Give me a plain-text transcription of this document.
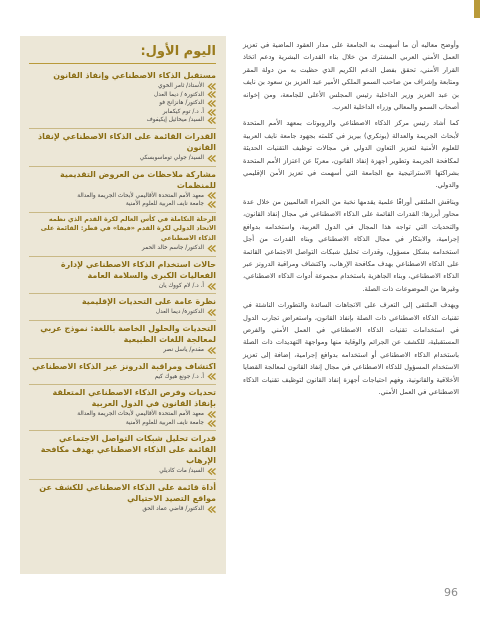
اليوم الأول:
مستقبل الذكاء الاصطناعي وإنفاذ القانون
الأستاذ/ ثامر الخوي
الدكتورة / ديما العدل
الدكتور/ هانزانج فو
أ. د./ توم كيكمابر
السيد/ ميخائيل إيكيفوف
القدرات القائمة على الذكاء الاصطناعي لإنفاذ القانون
السيد/ جولي توماسوبسكي
مشاركة ملاحظات من العروض التقديمية للمنظمات
معهد الأمم المتحدة الأقاليمي لأبحاث الجريمة والعدالة
جامعة نايف العربية للعلوم الأمنية
الرحلة التكاملة في كأس العالم لكرة القدم الذي نظمه الاتحاد الدولي لكرة القدم «فيفا» في قطر: القائمة على الذكاء الاصطناعي
الدكتور/ جاسم خالد الحمر
حالات استخدام الذكاء الاصطناعي لإدارة الفعاليات الكبرى والسلامة العامة
أ. د./ لام كووك يان
نظرة عامة على التحديات الإقليمية
الدكتورة/ ديما العدل
التحديات والحلول الخاصة باللغة: نموذج عربي لمعالجة اللغات الطبيعية
مقدم/ ياسل نصر
اكتشاف ومراقبة الدرونز عبر الذكاء الاصطناعي
أ. د./ جونغ هيوك كيم
تحديات وفرص الذكاء الاصطناعي المتعلقة بإنفاذ القانون في الدول العربية
معهد الأمم المتحدة الأقاليمي لأبحاث الجريمة والعدالة
جامعة نايف العربية للعلوم الأمنية
قدرات تحليل شبكات التواصل الاجتماعي القائمة على الذكاء الاصطناعي بهدف مكافحة الإرهاب
السيد/ مات كاديلي
أداة قائمة على الذكاء الاصطناعي للكشف عن مواقع التصيد الاحتيالي
الدكتور/ قاضي عماد الحق

وأوضح معاليه أن ما أسهمت به الجامعة على مدار العقود الماضية في تعزيز العمل الأمني العربي المشترك من خلال بناء القدرات البشرية ودعم اتخاذ القرار الأمني، تحقق بفضل الدعم الكريم الذي حظيت به من دولة المقر ومتابعة وإشراف من صاحب السمو الملكي الأمير عبد العزيز بن سعود بن نايف بن عبد العزيز وزير الداخلية رئيس المجلس الأعلى للجامعة، ومن إخوانه أصحاب السمو والمعالي وزراء الداخلية العرب.

كما أشاد رئيس مركز الذكاء الاصطناعي والروبوتات بمعهد الأمم المتحدة لأبحاث الجريمة والعدالة (يونكري) بيريز في كلمته بجهود جامعة نايف العربية للعلوم الأمنية لتعزيز التعاون الدولي في مجالات توظيف التقنيات الحديثة لمكافحة الجريمة وتطوير أجهزة إنفاذ القانون، معربًا عن اعتزاز الأمم المتحدة بشراكتها الاستراتيجية مع الجامعة التي أسهمت في تعزيز الأمن الإقليمي والدولي.

ويناقش الملتقى أوراقًا علمية يقدمها نخبة من الخبراء العالميين من خلال عدة محاور أبرزها: القدرات القائمة على الذكاء الاصطناعي في مجال إنفاذ القانون، والتحديات التي تواجه هذا المجال في الدول العربية، واستخدامه بدوافع إجرامية، والابتكار في مجال الذكاء الاصطناعي وبناء القدرات من أجل استخدامه بشكل مسؤول، وقدرات تحليل شبكات التواصل الاجتماعي القائمة على الذكاء الاصطناعي بهدف مكافحة الإرهاب، واكتشاف ومراقبة الدرونز عبر الذكاء الاصطناعي، وبناء الجاهزية باستخدام مجموعة أدوات الذكاء الاصطناعي، وغيرها من الموضوعات ذات الصلة.

ويهدف الملتقى إلى التعرف على الاتجاهات السائدة والتطورات الناشئة في تقنيات الذكاء الاصطناعي ذات الصلة بإنفاذ القانون، واستعراض تجارب الدول في استخدامات تقنيات الذكاء الاصطناعي في العمل الأمني والفرص المستقبلية، للكشف عن الجرائم والوقاية منها ومواجهة التهديدات ذات الصلة باستخدام الذكاء الاصطناعي أو استخدامه بدوافع إجرامية، إضافة إلى تعزيز الاستخدام المسؤول للذكاء الاصطناعي في مجال إنفاذ القانون لمعالجة القضايا الأخلاقية والقانونية، وفهم احتياجات أجهزة إنفاذ القانون لتوظيف تقنيات الذكاء الاصطناعي في العمل الأمني.

96
